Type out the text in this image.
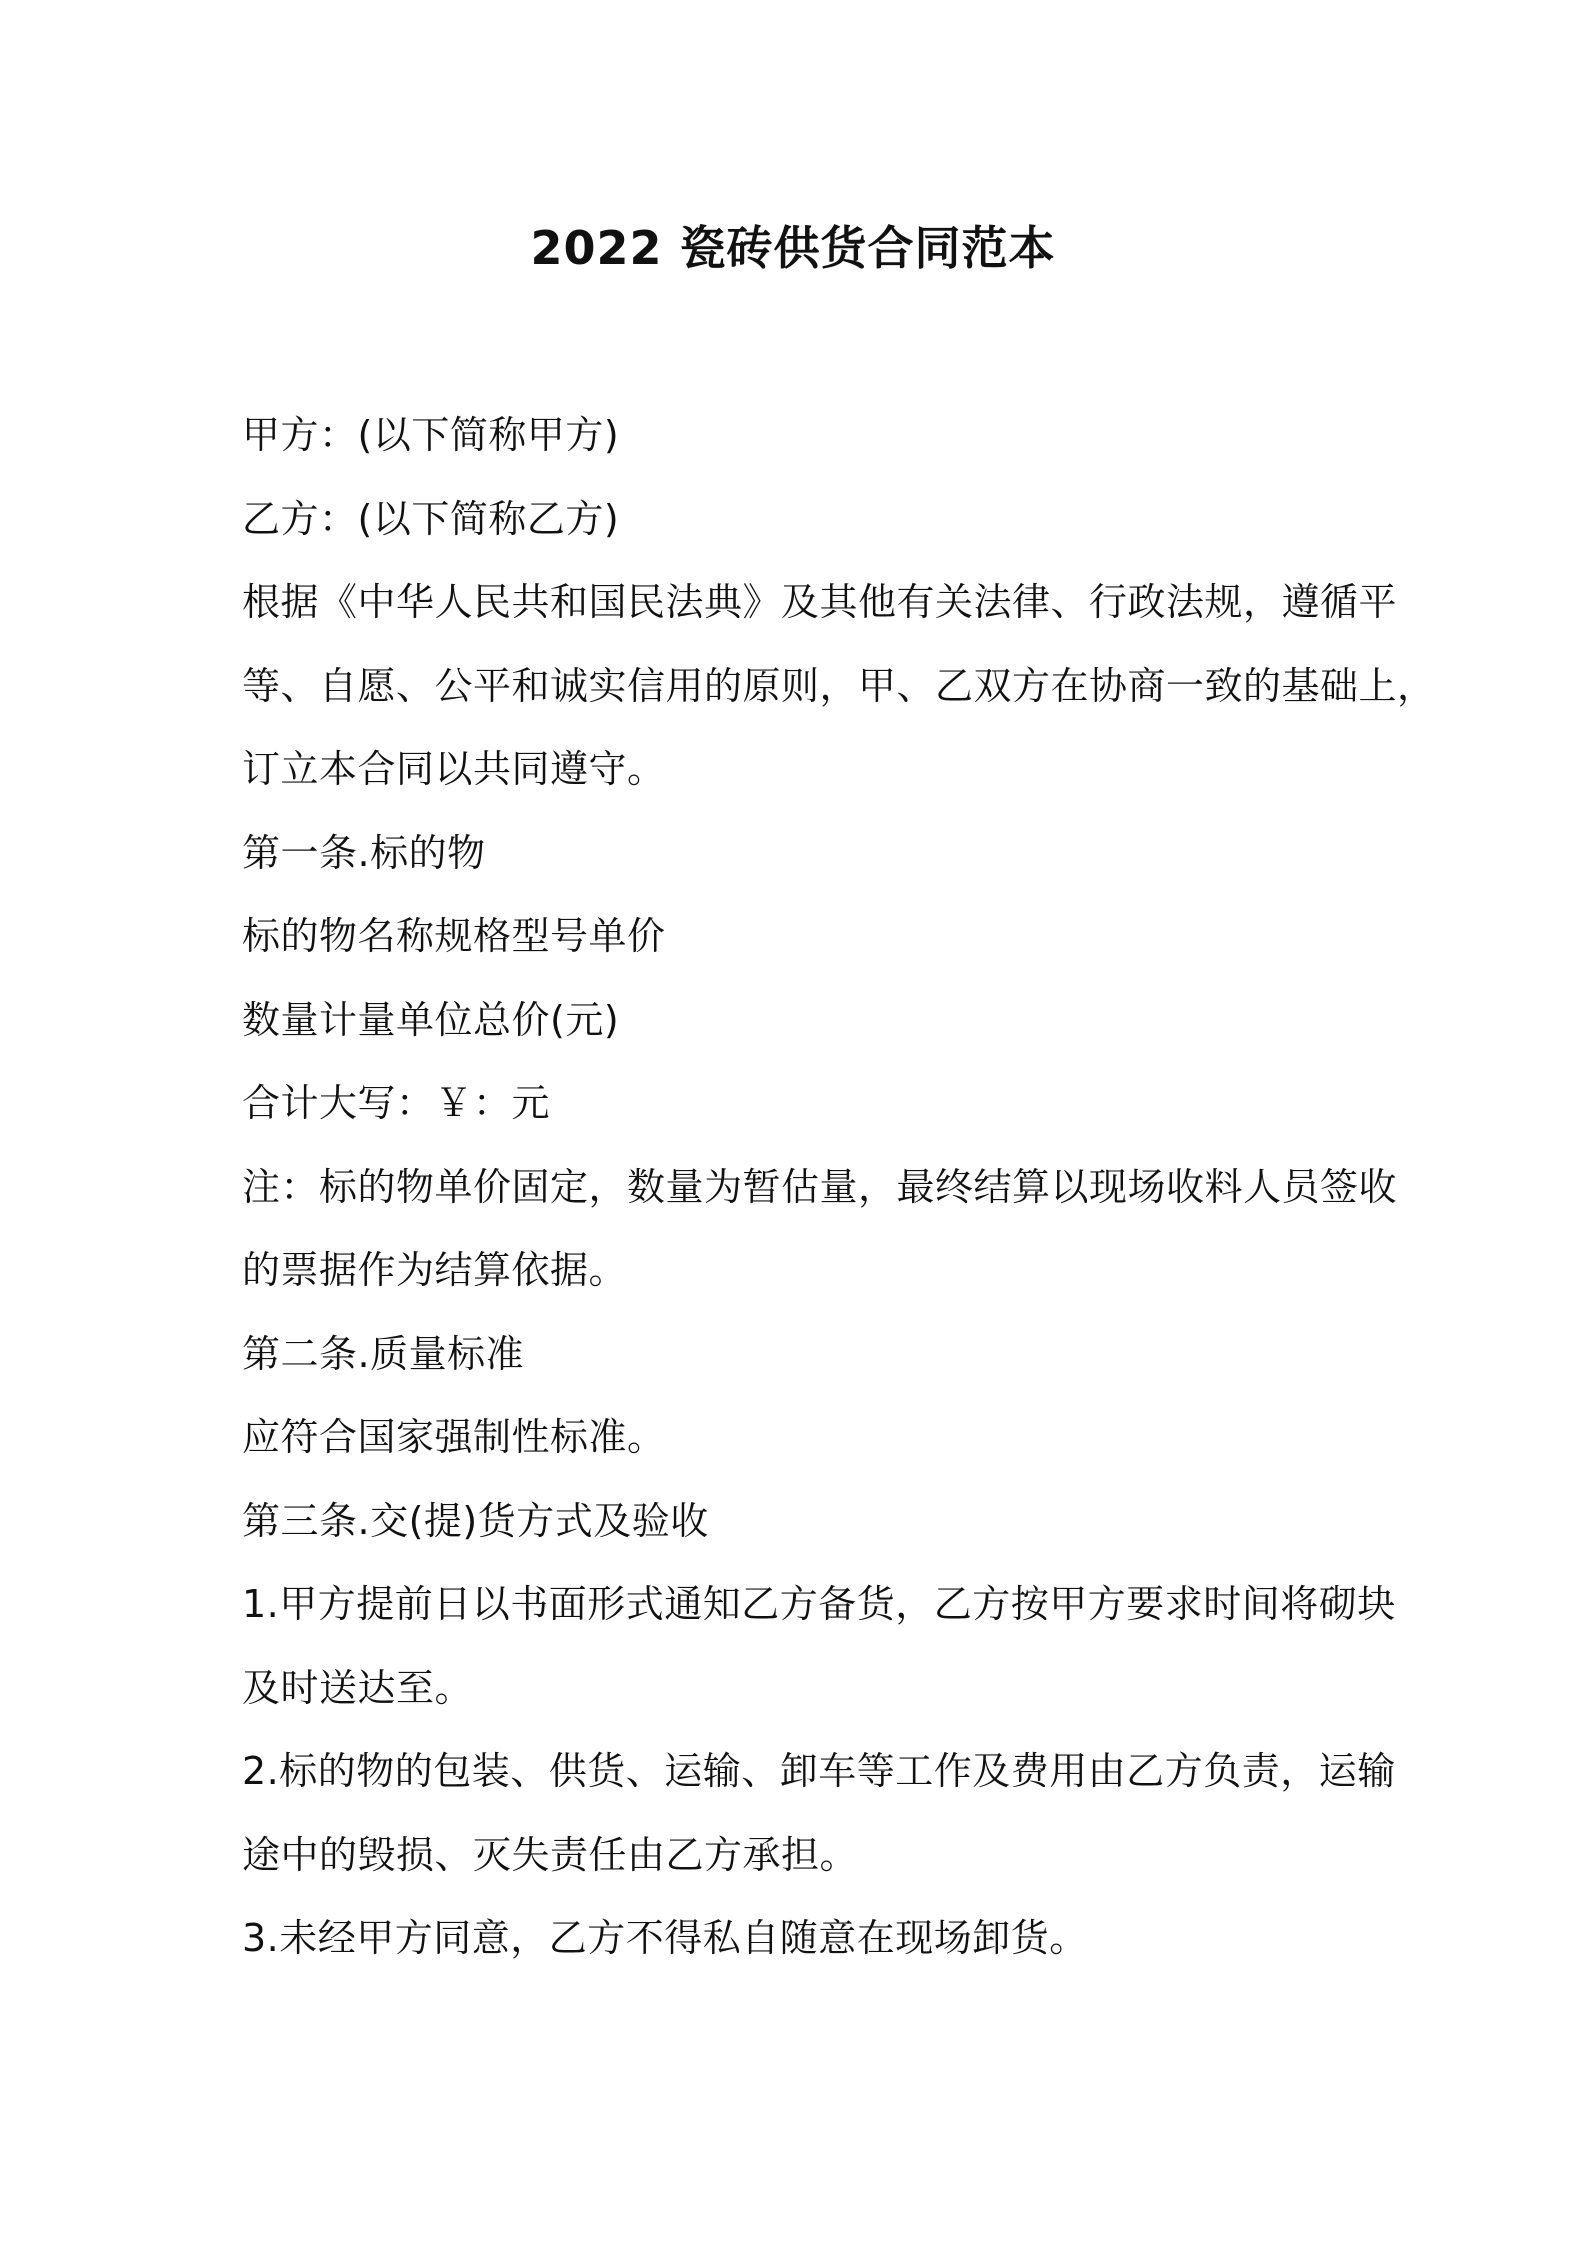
2022 瓷砖供货合同范本

甲方：(以下简称甲方)

乙方：(以下简称乙方)

根据《中华人民共和国民法典》及其他有关法律、行政法规，遵循平

等、自愿、公平和诚实信用的原则，甲、乙双方在协商一致的基础上，

订立本合同以共同遵守。

第一条.标的物

标的物名称规格型号单价

数量计量单位总价(元)

合计大写：￥：元

注：标的物单价固定，数量为暂估量，最终结算以现场收料人员签收

的票据作为结算依据。

第二条.质量标准

应符合国家强制性标准。

第三条.交(提)货方式及验收

1.甲方提前日以书面形式通知乙方备货，乙方按甲方要求时间将砌块

及时送达至。

2.标的物的包装、供货、运输、卸车等工作及费用由乙方负责，运输

途中的毁损、灭失责任由乙方承担。

3.未经甲方同意，乙方不得私自随意在现场卸货。
